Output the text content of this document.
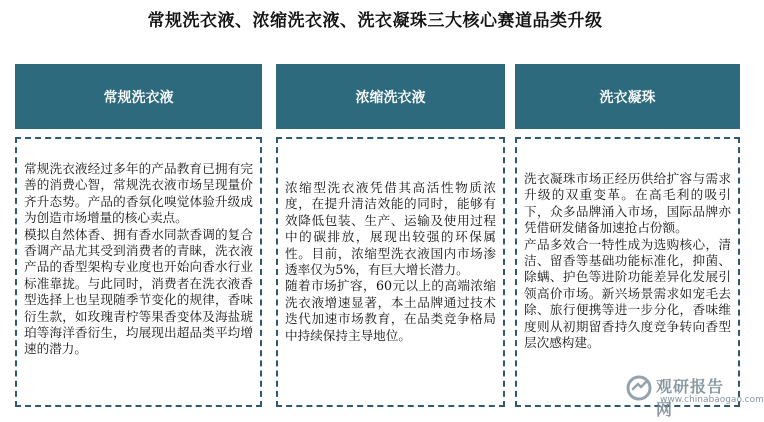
常规洗衣液、浓缩洗衣液、洗衣凝珠三大核心赛道品类升级
常规洗衣液

常规洗衣液经过多年的产品教育已拥有完善的消费心智，常规洗衣液市场呈现量价齐升态势。产品的香氛化嗅觉体验升级成为创造市场增量的核心卖点。

模拟自然体香、拥有香水同款香调的复合香调产品尤其受到消费者的青睐，洗衣液产品的香型架构专业度也开始向香水行业标准靠拢。与此同时，消费者在洗衣液香型选择上也呈现随季节变化的规律，香味衍生款，如玫瑰青柠等果香变体及海盐琥珀等海洋香衍生，均展现出超品类平均增速的潜力。

浓缩洗衣液

浓缩型洗衣液凭借其高活性物质浓度，在提升清洁效能的同时，能够有效降低包装、生产、运输及使用过程中的碳排放，展现出较强的环保属性。目前，浓缩型洗衣液国内市场渗透率仅为5%，有巨大增长潜力。

随着市场扩容，60元以上的高端浓缩洗衣液增速显著，本土品牌通过技术迭代加速市场教育，在品类竞争格局中持续保持主导地位。

洗衣凝珠

洗衣凝珠市场正经历供给扩容与需求升级的双重变革。在高毛利的吸引下，众多品牌涌入市场，国际品牌亦凭借研发储备加速抢占份额。

产品多效合一特性成为选购核心，清洁、留香等基础功能标准化，抑菌、除螨、护色等进阶功能差异化发展引领高价市场。新兴场景需求如宠毛去除、旅行便携等进一步分化，香味维度则从初期留香持久度竞争转向香型层次感构建。

观研报告网
www.chinabaogao.com
